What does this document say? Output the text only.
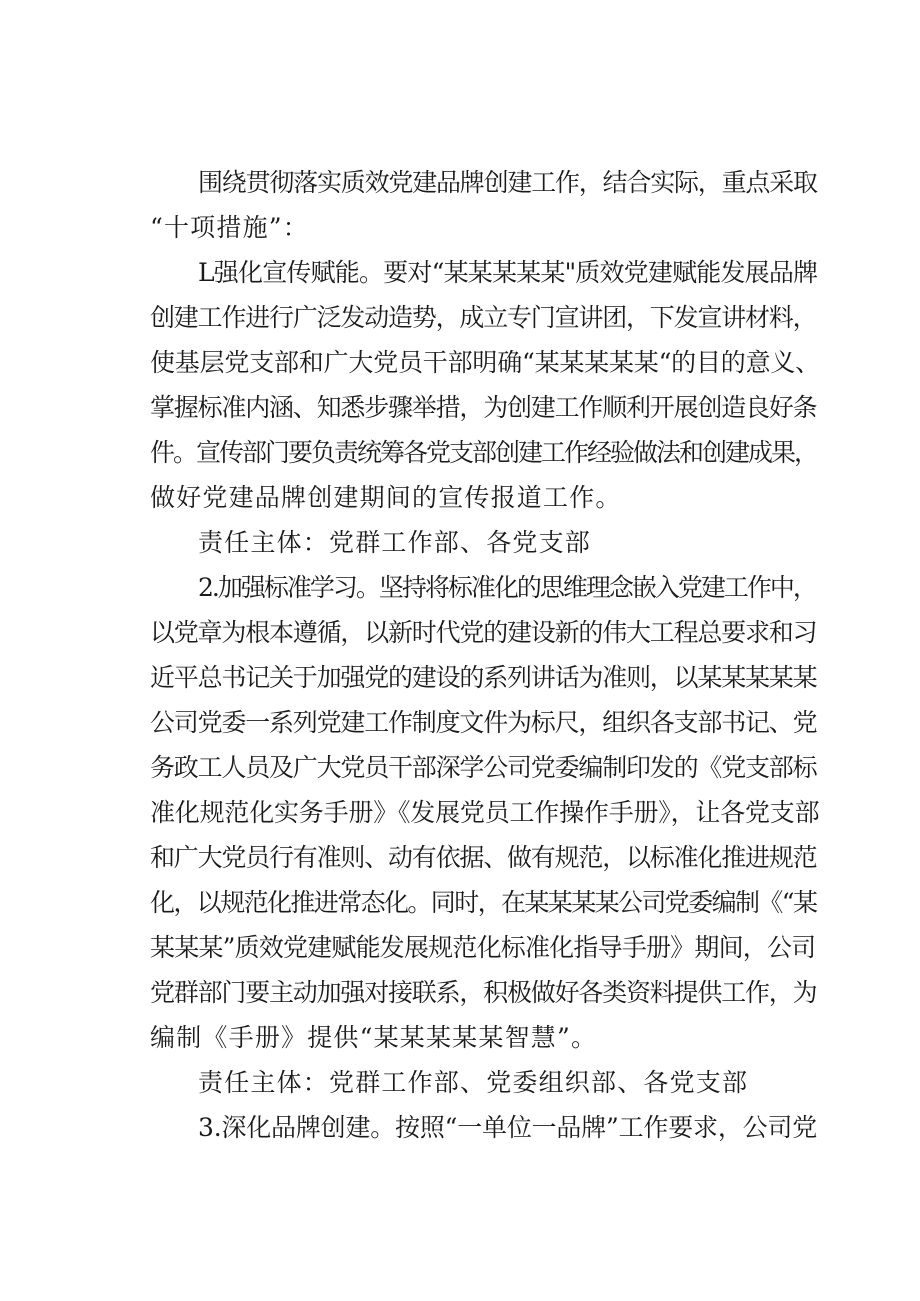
围绕贯彻落实质效党建品牌创建工作，结合实际，重点采取
“十项措施”：
L强化宣传赋能。要对“某某某某某"质效党建赋能发展品牌
创建工作进行广泛发动造势，成立专门宣讲团，下发宣讲材料，
使基层党支部和广大党员干部明确“某某某某某“的目的意义、
掌握标准内涵、知悉步骤举措，为创建工作顺利开展创造良好条
件。宣传部门要负责统筹各党支部创建工作经验做法和创建成果，
做好党建品牌创建期间的宣传报道工作。
责任主体：党群工作部、各党支部
2.加强标准学习。坚持将标准化的思维理念嵌入党建工作中，
以党章为根本遵循，以新时代党的建设新的伟大工程总要求和习
近平总书记关于加强党的建设的系列讲话为准则，以某某某某某
公司党委一系列党建工作制度文件为标尺，组织各支部书记、党
务政工人员及广大党员干部深学公司党委编制印发的《党支部标
准化规范化实务手册》《发展党员工作操作手册》，让各党支部
和广大党员行有准则、动有依据、做有规范，以标准化推进规范
化，以规范化推进常态化。同时，在某某某某公司党委编制《“某
某某某”质效党建赋能发展规范化标准化指导手册》期间，公司
党群部门要主动加强对接联系，积极做好各类资料提供工作，为
编制《手册》提供“某某某某某智慧”。
责任主体：党群工作部、党委组织部、各党支部
3.深化品牌创建。按照“一单位一品牌”工作要求，公司党
